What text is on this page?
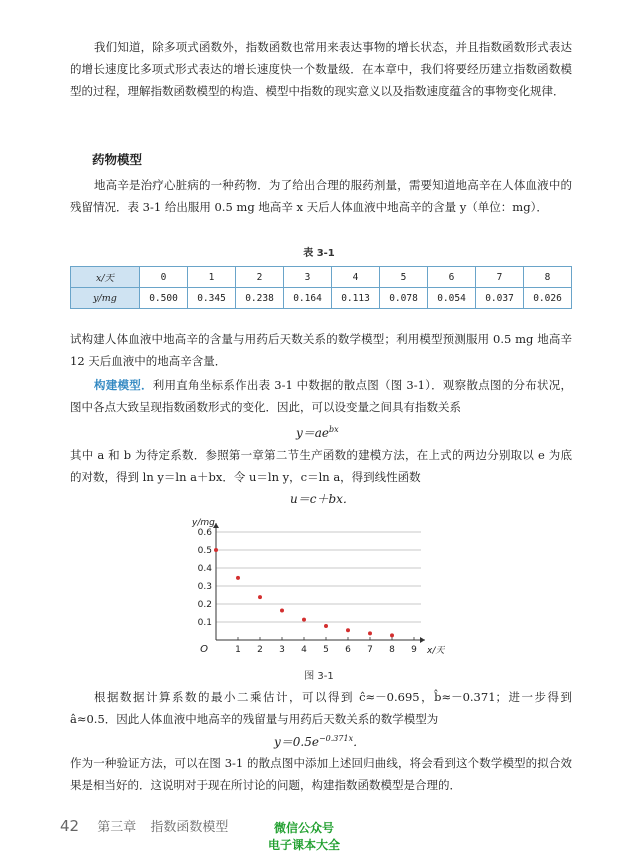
我们知道，除多项式函数外，指数函数也常用来表达事物的增长状态，并且指数函数形式表达的增长速度比多项式形式表达的增长速度快一个数量级．在本章中，我们将要经历建立指数函数模型的过程，理解指数函数模型的构造、模型中指数的现实意义以及指数速度蕴含的事物变化规律．
药物模型
地高辛是治疗心脏病的一种药物．为了给出合理的服药剂量，需要知道地高辛在人体血液中的残留情况．表 3-1 给出服用 0.5 mg 地高辛 x 天后人体血液中地高辛的含量 y（单位：mg）．
表 3-1
x/天	0	1	2	3	4	5	6	7	8
y/mg	0.500	0.345	0.238	0.164	0.113	0.078	0.054	0.037	0.026
试构建人体血液中地高辛的含量与用药后天数关系的数学模型；利用模型预测服用 0.5 mg 地高辛 12 天后血液中的地高辛含量．
构建模型．利用直角坐标系作出表 3-1 中数据的散点图（图 3-1）．观察散点图的分布状况，图中各点大致呈现指数函数形式的变化．因此，可以设变量之间具有指数关系
$y=ae^{bx}$
其中 a 和 b 为待定系数．参照第一章第二节生产函数的建模方法，在上式的两边分别取以 e 为底的对数，得到 ln y＝ln a＋bx．令 u＝ln y，c＝ln a，得到线性函数
u＝c＋bx．
1 2 3 4 5 6 7 8 9
0.1
0.2
0.3
0.4
0.5
0.6
O	x/天
y/mg
图 3-1
根据数据计算系数的最小二乘估计，可以得到 ĉ≈－0.695，b̂≈－0.371；进一步得到 â≈0.5．因此人体血液中地高辛的残留量与用药后天数关系的数学模型为
$y=0.5e^{-0.371x}$．
作为一种验证方法，可以在图 3-1 的散点图中添加上述回归曲线，将会看到这个数学模型的拟合效果是相当好的．这说明对于现在所讨论的问题，构建指数函数模型是合理的．
42 第三章 指数函数模型	微信公众号
电子课本大全
